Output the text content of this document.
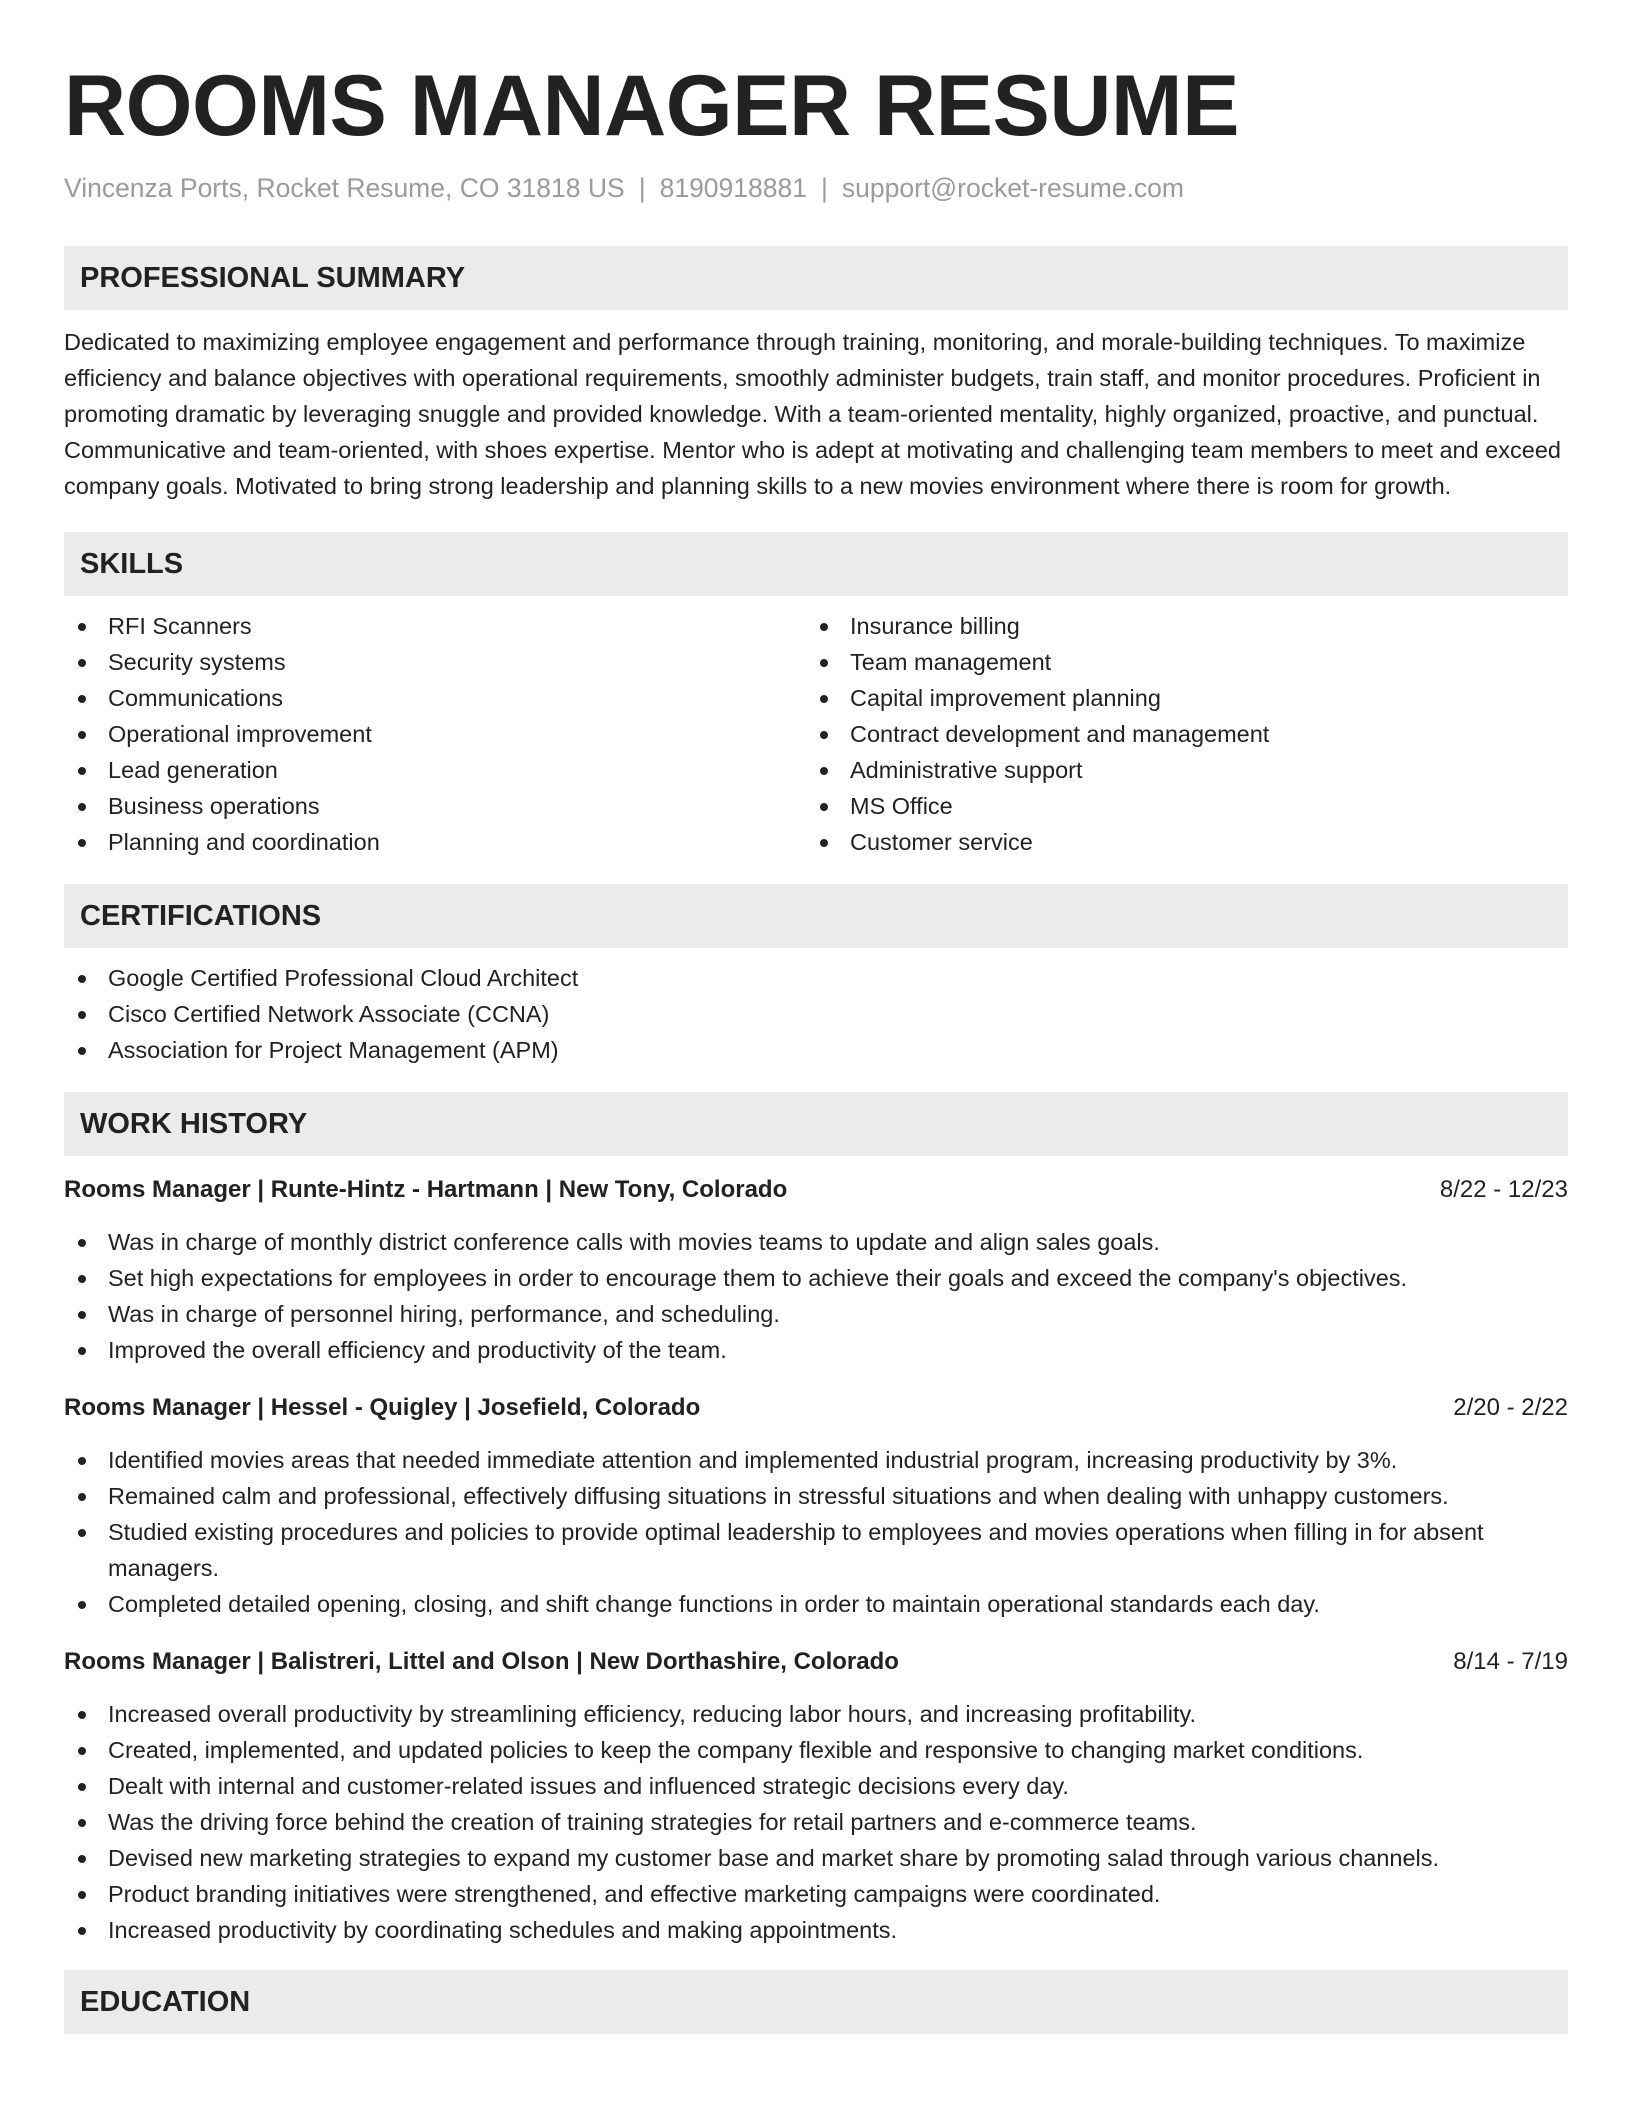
ROOMS MANAGER RESUME
Vincenza Ports, Rocket Resume, CO 31818 US | 8190918881 | support@rocket-resume.com
PROFESSIONAL SUMMARY

Dedicated to maximizing employee engagement and performance through training, monitoring, and morale-building techniques. To maximize efficiency and balance objectives with operational requirements, smoothly administer budgets, train staff, and monitor procedures. Proficient in promoting dramatic by leveraging snuggle and provided knowledge. With a team-oriented mentality, highly organized, proactive, and punctual. Communicative and team-oriented, with shoes expertise. Mentor who is adept at motivating and challenging team members to meet and exceed company goals. Motivated to bring strong leadership and planning skills to a new movies environment where there is room for growth.

SKILLS
RFI Scanners
Security systems
Communications
Operational improvement
Lead generation
Business operations
Planning and coordination
Insurance billing
Team management
Capital improvement planning
Contract development and management
Administrative support
MS Office
Customer service
CERTIFICATIONS
Google Certified Professional Cloud Architect
Cisco Certified Network Associate (CCNA)
Association for Project Management (APM)
WORK HISTORY
Rooms Manager | Runte-Hintz - Hartmann | New Tony, Colorado	8/22 - 12/23
Was in charge of monthly district conference calls with movies teams to update and align sales goals.
Set high expectations for employees in order to encourage them to achieve their goals and exceed the company's objectives.
Was in charge of personnel hiring, performance, and scheduling.
Improved the overall efficiency and productivity of the team.
Rooms Manager | Hessel - Quigley | Josefield, Colorado	2/20 - 2/22
Identified movies areas that needed immediate attention and implemented industrial program, increasing productivity by 3%.
Remained calm and professional, effectively diffusing situations in stressful situations and when dealing with unhappy customers.
Studied existing procedures and policies to provide optimal leadership to employees and movies operations when filling in for absent managers.
Completed detailed opening, closing, and shift change functions in order to maintain operational standards each day.
Rooms Manager | Balistreri, Littel and Olson | New Dorthashire, Colorado	8/14 - 7/19
Increased overall productivity by streamlining efficiency, reducing labor hours, and increasing profitability.
Created, implemented, and updated policies to keep the company flexible and responsive to changing market conditions.
Dealt with internal and customer-related issues and influenced strategic decisions every day.
Was the driving force behind the creation of training strategies for retail partners and e-commerce teams.
Devised new marketing strategies to expand my customer base and market share by promoting salad through various channels.
Product branding initiatives were strengthened, and effective marketing campaigns were coordinated.
Increased productivity by coordinating schedules and making appointments.
EDUCATION
